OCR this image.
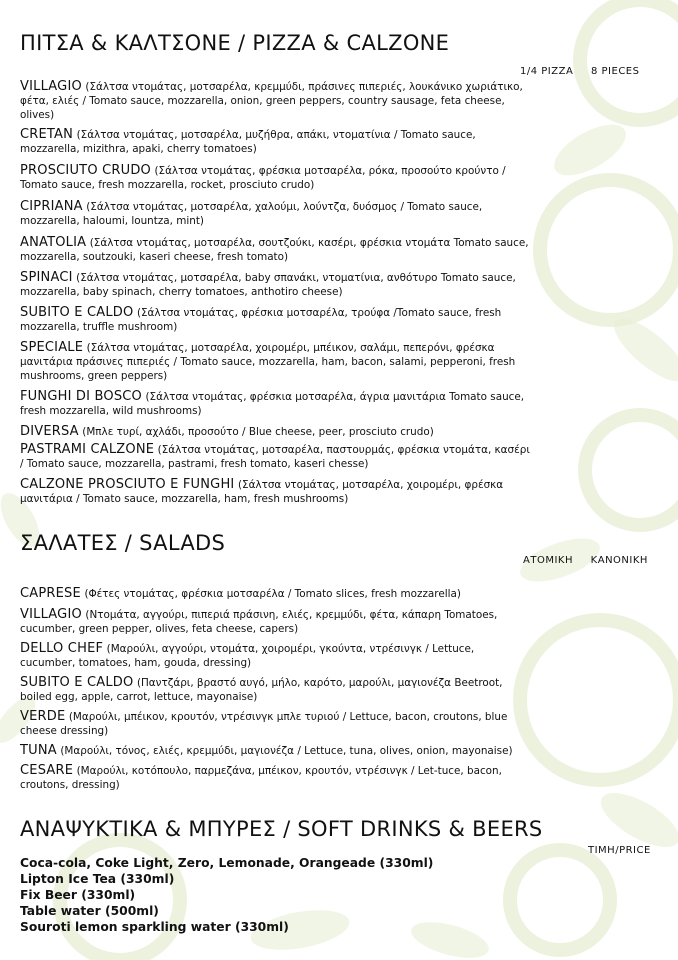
ΠΙΤΣΑ & ΚΑΛΤΣΟΝΕ / PIZZA & CALZONE
1/4 PIZZA 8 PIECES
VILLAGIO (Σάλτσα ντομάτας, μοτσαρέλα, κρεμμύδι, πράσινες πιπεριές, λουκάνικο χωριάτικο, φέτα, ελιές / Tomato sauce, mozzarella, onion, green peppers, country sausage, feta cheese, olives)
CRETAN (Σάλτσα ντομάτας, μοτσαρέλα, μυζήθρα, απάκι, ντοματίνια / Tomato sauce, mozzarella, mizithra, apaki, cherry tomatoes)
PROSCIUTO CRUDO (Σάλτσα ντομάτας, φρέσκια μοτσαρέλα, ρόκα, προσούτο κρούντο / Tomato sauce, fresh mozzarella, rocket, prosciuto crudo)
CIPRIANA (Σάλτσα ντομάτας, μοτσαρέλα, χαλούμι, λούντζα, δυόσμος / Tomato sauce, mozzarella, haloumi, lountza, mint)
ANATOLIA (Σάλτσα ντομάτας, μοτσαρέλα, σουτζούκι, κασέρι, φρέσκια ντομάτα Tomato sauce, mozzarella, soutzouki, kaseri cheese, fresh tomato)
SPINACI (Σάλτσα ντομάτας, μοτσαρέλα, baby σπανάκι, ντοματίνια, ανθότυρο Tomato sauce, mozzarella, baby spinach, cherry tomatoes, anthotiro cheese)
SUBITO E CALDO (Σάλτσα ντομάτας, φρέσκια μοτσαρέλα, τρούφα /Tomato sauce, fresh mozzarella, truffle mushroom)
SPECIALE (Σάλτσα ντομάτας, μοτσαρέλα, χοιρομέρι, μπέικον, σαλάμι, πεπερόνι, φρέσκα μανιτάρια πράσινες πιπεριές / Tomato sauce, mozzarella, ham, bacon, salami, pepperoni, fresh mushrooms, green peppers)
FUNGHI DI BOSCO (Σάλτσα ντομάτας, φρέσκια μοτσαρέλα, άγρια μανιτάρια Tomato sauce, fresh mozzarella, wild mushrooms)
DIVERSA (Μπλε τυρί, αχλάδι, προσούτο / Blue cheese, peer, prosciuto crudo)
PASTRAMI CALZONE (Σάλτσα ντομάτας, μοτσαρέλα, παστουρμάς, φρέσκια ντομάτα, κασέρι / Tomato sauce, mozzarella, pastrami, fresh tomato, kaseri chesse)
CALZONE PROSCIUTO E FUNGHI (Σάλτσα ντομάτας, μοτσαρέλα, χοιρομέρι, φρέσκα μανιτάρια / Tomato sauce, mozzarella, ham, fresh mushrooms)
ΣΑΛΑΤΕΣ / SALADS
ΑΤΟΜΙΚΗ ΚΑΝΟΝΙΚΗ
CAPRESE (Φέτες ντομάτας, φρέσκια μοτσαρέλα / Tomato slices, fresh mozzarella)
VILLAGIO (Ντομάτα, αγγούρι, πιπεριά πράσινη, ελιές, κρεμμύδι, φέτα, κάπαρη Tomatoes, cucumber, green pepper, olives, feta cheese, capers)
DELLO CHEF (Μαρούλι, αγγούρι, ντομάτα, χοιρομέρι, γκούντα, ντρέσινγκ / Lettuce, cucumber, tomatoes, ham, gouda, dressing)
SUBITO E CALDO (Παντζάρι, βραστό αυγό, μήλο, καρότο, μαρούλι, μαγιονέζα Beetroot, boiled egg, apple, carrot, lettuce, mayonaise)
VERDE (Μαρούλι, μπέικον, κρουτόν, ντρέσινγκ μπλε τυριού / Lettuce, bacon, croutons, blue cheese dressing)
TUNA (Μαρούλι, τόνος, ελιές, κρεμμύδι, μαγιονέζα / Lettuce, tuna, olives, onion, mayonaise)
CESARE (Μαρούλι, κοτόπουλο, παρμεζάνα, μπέικον, κρουτόν, ντρέσινγκ / Let-tuce, bacon, croutons, dressing)
ΑΝΑΨΥΚΤΙΚΑ & ΜΠΥΡΕΣ / SOFT DRINKS & BEERS
ΤΙΜΗ/PRICE
Coca-cola, Coke Light, Zero, Lemonade, Orangeade (330ml)
Lipton Ice Tea (330ml)
Fix Beer (330ml)
Table water (500ml)
Souroti lemon sparkling water (330ml)
